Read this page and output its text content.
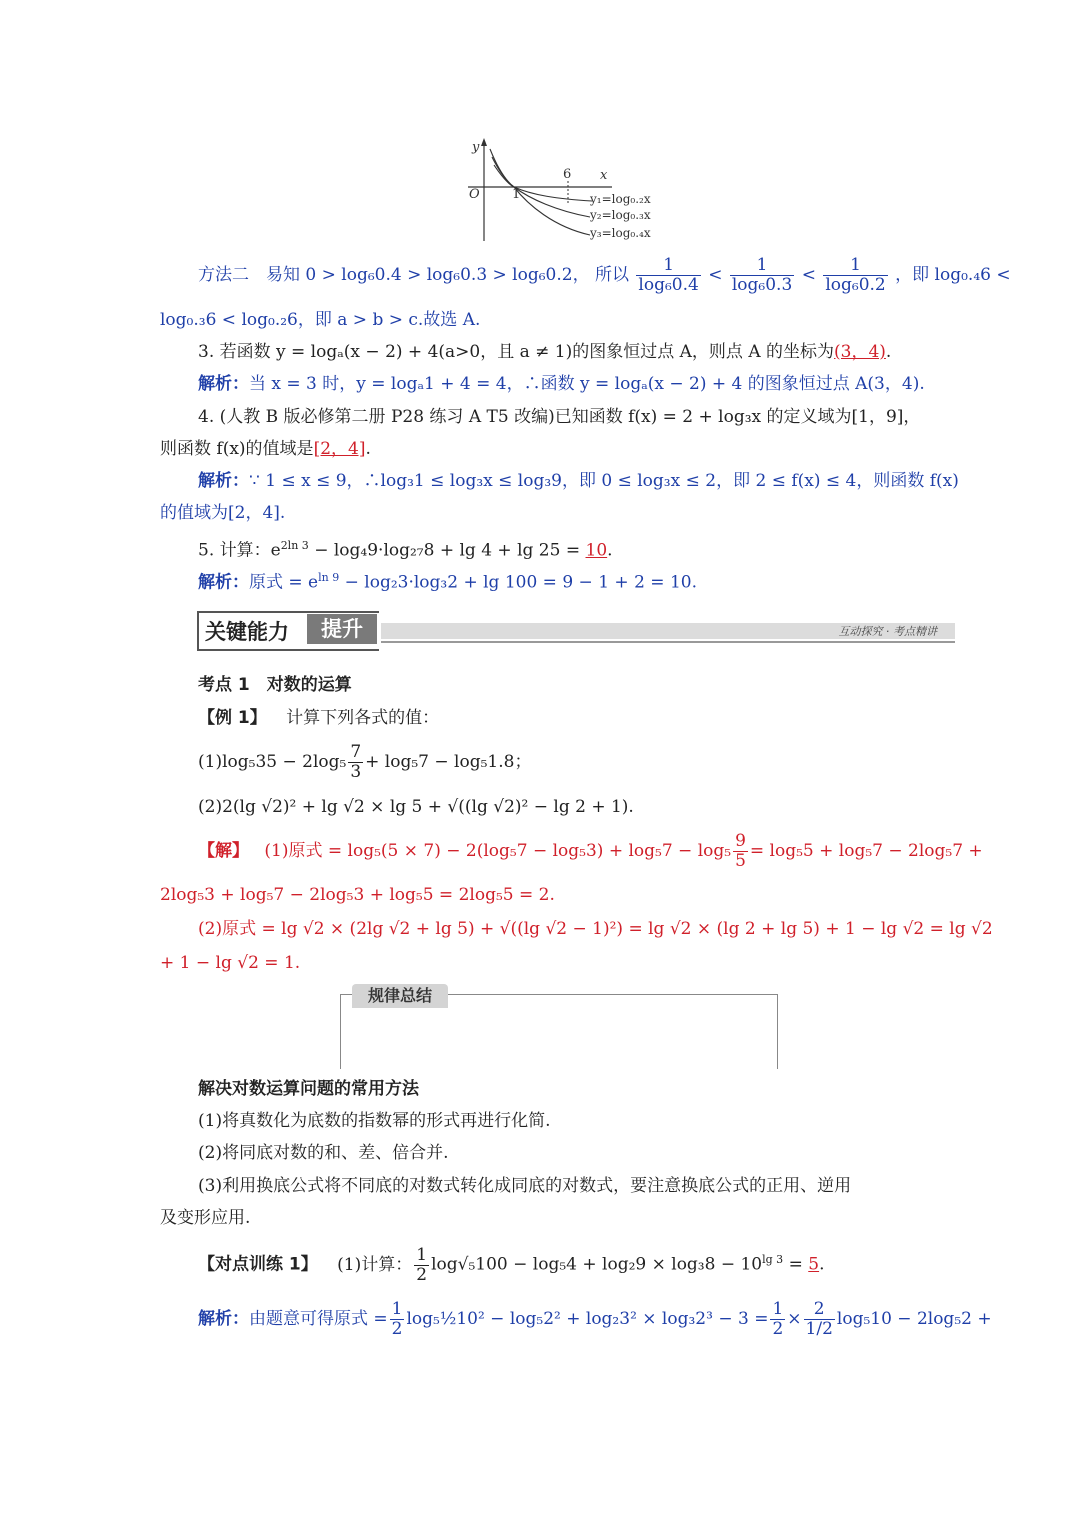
y
x
O 1
6
y₁=log₀.₂x
y₂=log₀.₃x
y₃=log₀.₄x
方法二　易知 0 > log₆0.4 > log₆0.3 > log₆0.2， 所以 $\frac{1}{\text{log₆0.4}} < \frac{1}{\text{log₆0.3}} < \frac{1}{\text{log₆0.2}}$ ，即 log₀.₄6 <
log₀.₃6 < log₀.₂6，即 a > b > c.故选 A.
3. 若函数 y = logₐ(x − 2) + 4(a>0，且 a ≠ 1)的图象恒过点 A，则点 A 的坐标为(3，4).
解析：当 x = 3 时，y = logₐ1 + 4 = 4，∴函数 y = logₐ(x − 2) + 4 的图象恒过点 A(3，4).
4. (人教 B 版必修第二册 P28 练习 A T5 改编)已知函数 f(x) = 2 + log₃x 的定义域为[1，9]，
则函数 f(x)的值域是[2，4].
解析：∵ 1 ≤ x ≤ 9，∴log₃1 ≤ log₃x ≤ log₃9，即 0 ≤ log₃x ≤ 2，即 2 ≤ f(x) ≤ 4，则函数 f(x)
的值域为[2，4].
5. 计算：$e^{2ln 3} - \log_49\cdot\log_{27}8 + \lg 4 + \lg 25 = 10$.
解析：原式 = $e^{ln 9} - \log_23\cdot\log_32 + \lg 100 = 9 - 1 + 2 = 10$.
关键能力	提升	互动探究 · 考点精讲
考点 1　对数的运算
【例 1】 计算下列各式的值：
$(1)\log_535 - 2\log_5 \frac{7}{3} + \log_57 - \log_51.8$；
(2)2(lg √2)² + lg √2 × lg 5 + √((lg √2)² − lg 2 + 1).
【解】 (1)原式 = $\log_5(5 \times 7) - 2(\log_57 - \log_53) + \log_57 - \log_5 \frac{9}{5} = \log_55 + \log_57 - 2\log_57$ +
2log₅3 + log₅7 − 2log₅3 + log₅5 = 2log₅5 = 2.
(2)原式 = lg √2 × (2lg √2 + lg 5) + √((lg √2 − 1)²) = lg √2 × (lg 2 + lg 5) + 1 − lg √2 = lg √2
+ 1 − lg √2 = 1.
规律总结
解决对数运算问题的常用方法
(1)将真数化为底数的指数幂的形式再进行化简.
(2)将同底对数的和、差、倍合并.
(3)利用换底公式将不同底的对数式转化成同底的对数式，要注意换底公式的正用、逆用
及变形应用.
【对点训练 1】 (1)计算： $\frac{1}{2} \log√_5100 - \log_54 + \log_29 \times \log_38 - 10^{lg 3} = 5$.
解析：由题意可得原式 = $\frac{1}{2}$ log₅½10² − $\log_52^2 + \log_23^2 \times \log_32^3 - 3 = \frac{1}{2} \times \frac{2}{1/2} \log_510 - 2\log_52$ +
